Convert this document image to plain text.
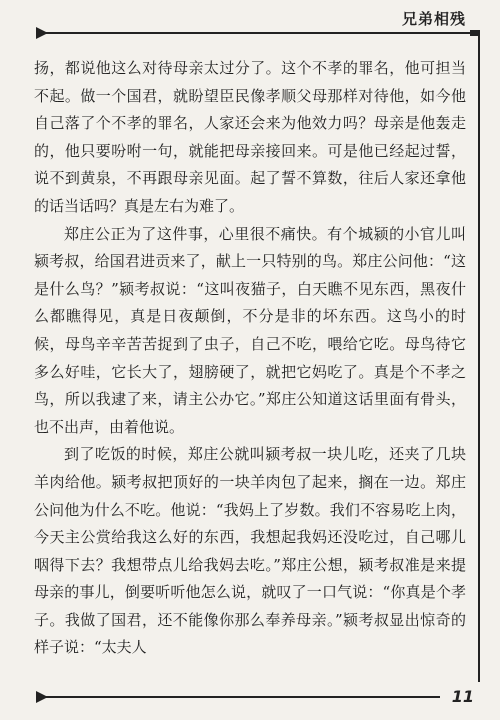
兄弟相残

扬，都说他这么对待母亲太过分了。这个不孝的罪名，他可担当不起。做一个国君，就盼望臣民像孝顺父母那样对待他，如今他自己落了个不孝的罪名，人家还会来为他效力吗？母亲是他轰走的，他只要吩咐一句，就能把母亲接回来。可是他已经起过誓，说不到黄泉，不再跟母亲见面。起了誓不算数，往后人家还拿他的话当话吗？真是左右为难了。

郑庄公正为了这件事，心里很不痛快。有个城颍的小官儿叫颍考叔，给国君进贡来了，献上一只特别的鸟。郑庄公问他：“这是什么鸟？”颍考叔说：“这叫夜猫子，白天瞧不见东西，黑夜什么都瞧得见，真是日夜颠倒，不分是非的坏东西。这鸟小的时候，母鸟辛辛苦苦捉到了虫子，自己不吃，喂给它吃。母鸟待它多么好哇，它长大了，翅膀硬了，就把它妈吃了。真是个不孝之鸟，所以我逮了来，请主公办它。”郑庄公知道这话里面有骨头，也不出声，由着他说。

到了吃饭的时候，郑庄公就叫颍考叔一块儿吃，还夹了几块羊肉给他。颍考叔把顶好的一块羊肉包了起来，搁在一边。郑庄公问他为什么不吃。他说：“我妈上了岁数。我们不容易吃上肉，今天主公赏给我这么好的东西，我想起我妈还没吃过，自己哪儿咽得下去？我想带点儿给我妈去吃。”郑庄公想，颍考叔准是来提母亲的事儿，倒要听听他怎么说，就叹了一口气说：“你真是个孝子。我做了国君，还不能像你那么奉养母亲。”颍考叔显出惊奇的样子说：“太夫人

11
